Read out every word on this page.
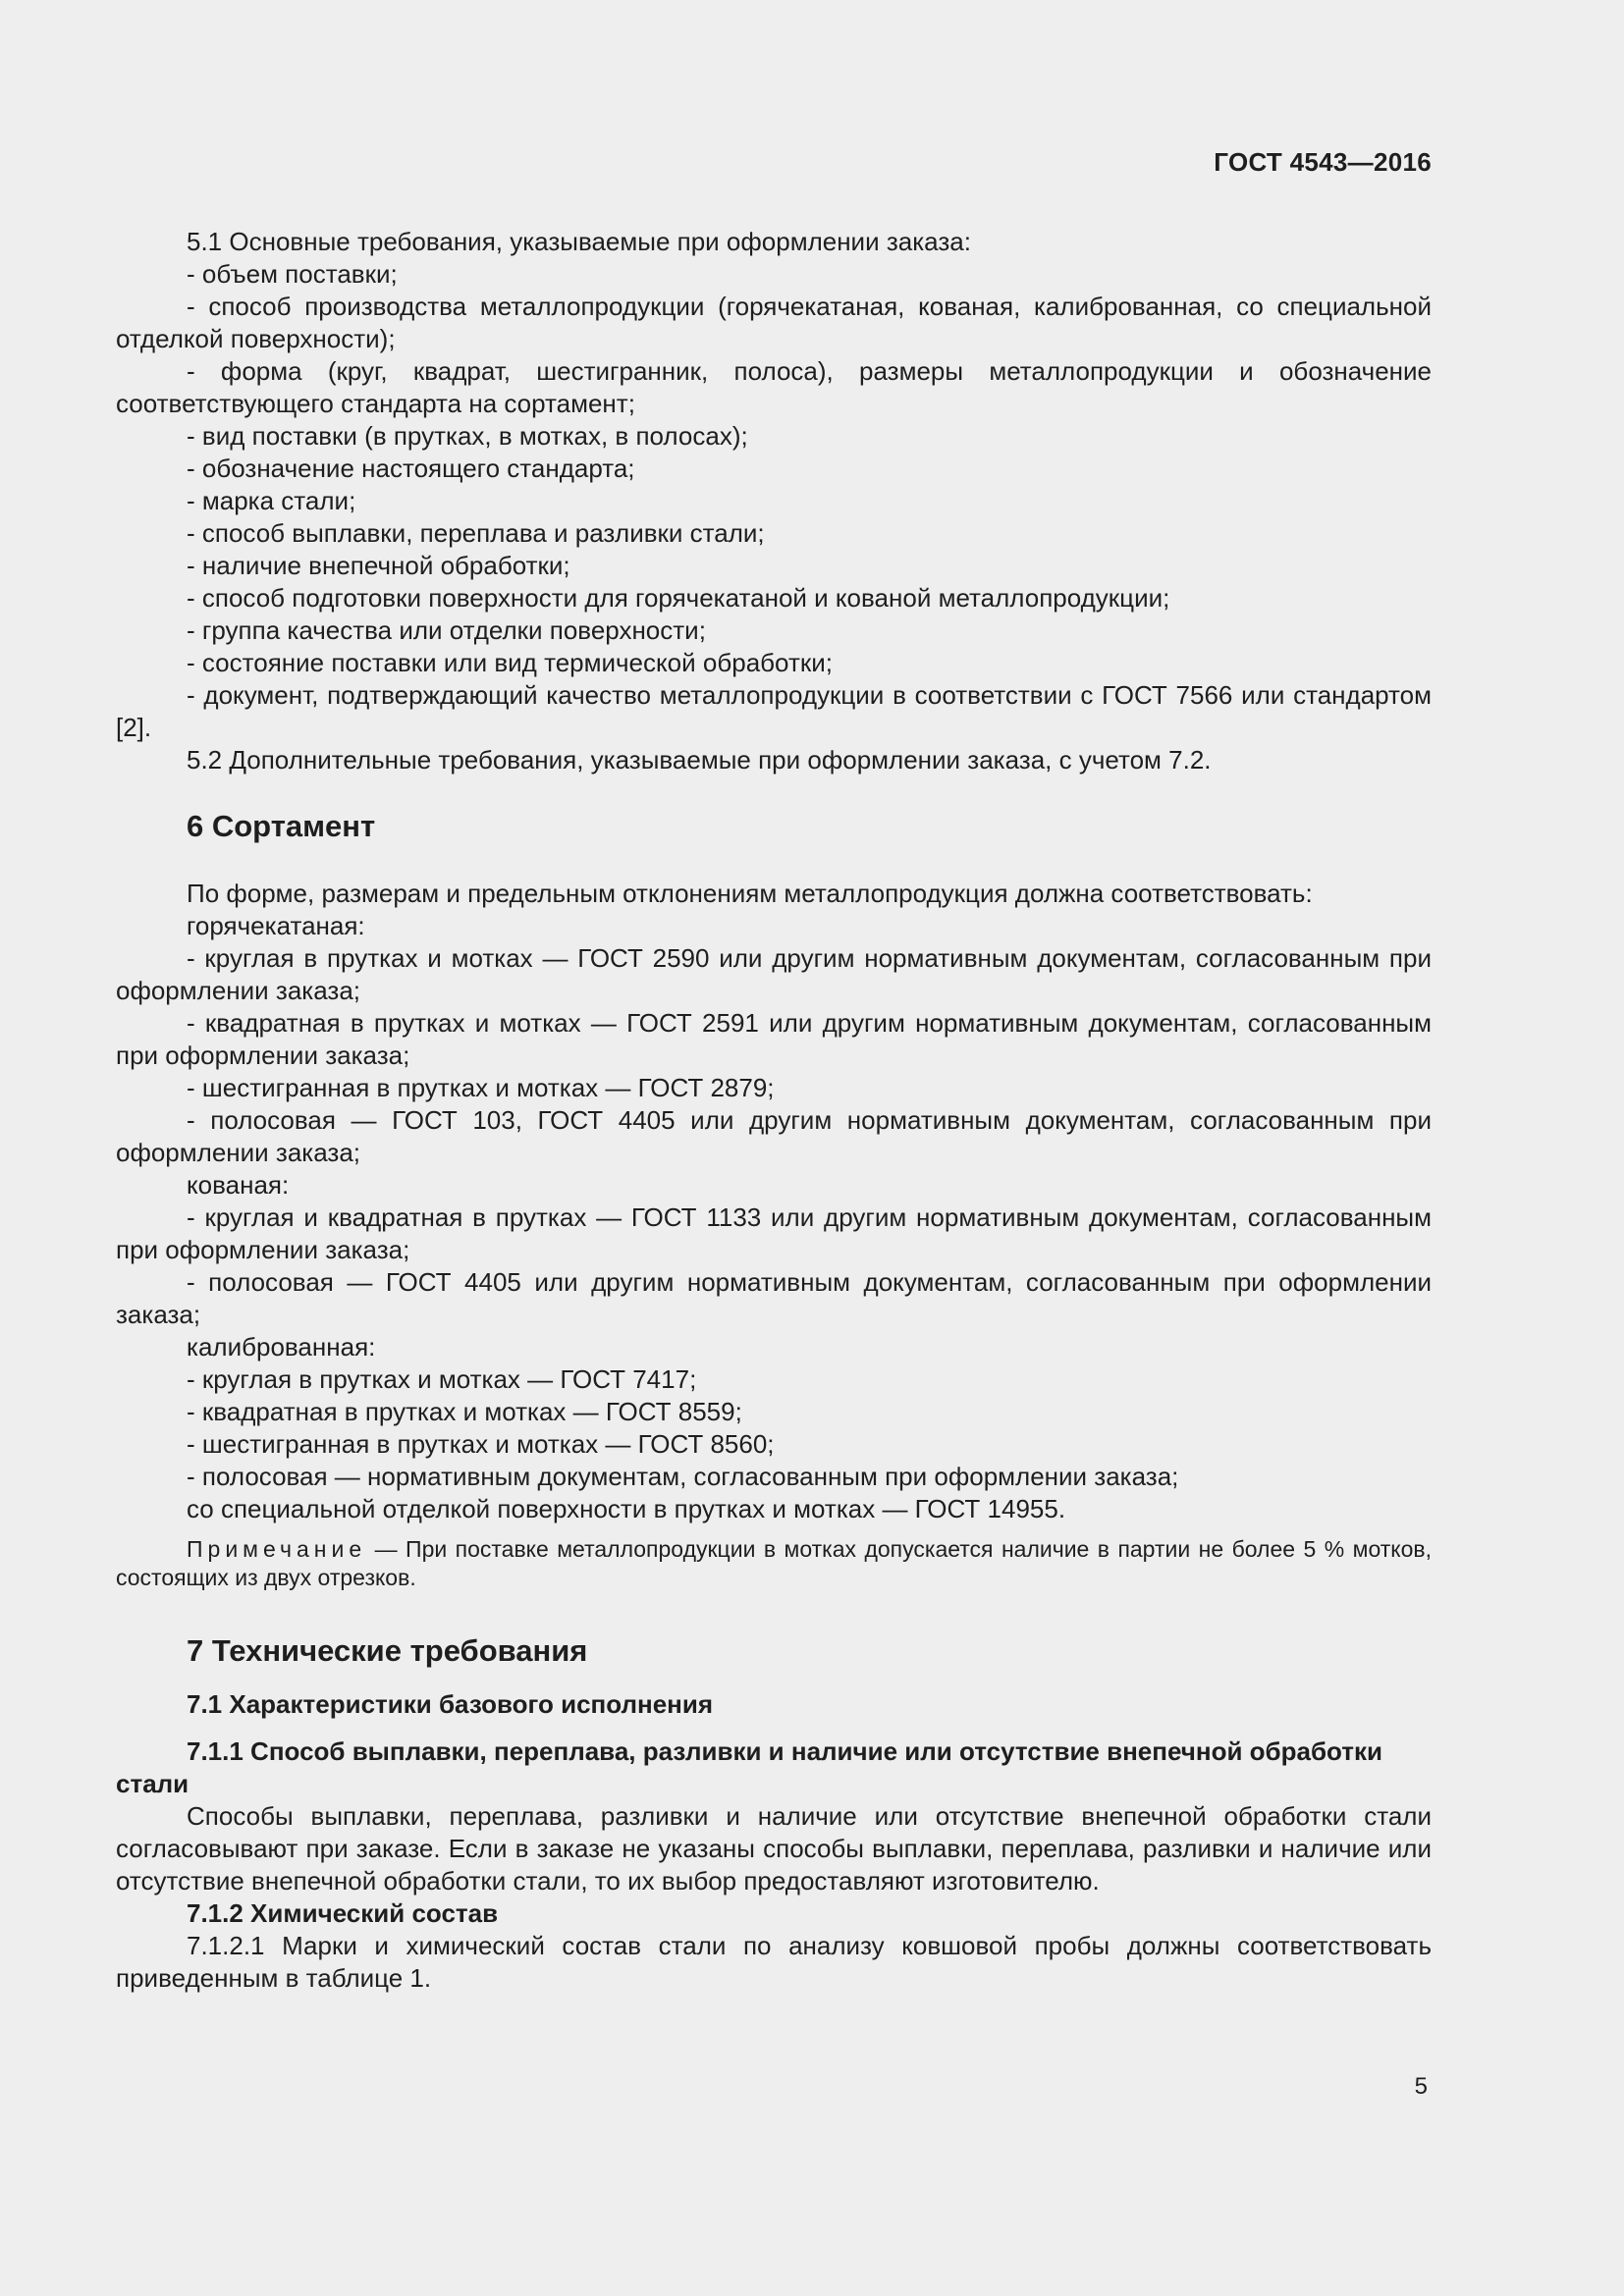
ГОСТ 4543—2016

5.1 Основные требования, указываемые при оформлении заказа:

- объем поставки;

- способ производства металлопродукции (горячекатаная, кованая, калиброванная, со специальной отделкой поверхности);

- форма (круг, квадрат, шестигранник, полоса), размеры металлопродукции и обозначение соответствующего стандарта на сортамент;

- вид поставки (в прутках, в мотках, в полосах);

- обозначение настоящего стандарта;

- марка стали;

- способ выплавки, переплава и разливки стали;

- наличие внепечной обработки;

- способ подготовки поверхности для горячекатаной и кованой металлопродукции;

- группа качества или отделки поверхности;

- состояние поставки или вид термической обработки;

- документ, подтверждающий качество металлопродукции в соответствии с ГОСТ 7566 или стандартом [2].

5.2 Дополнительные требования, указываемые при оформлении заказа, с учетом 7.2.

6 Сортамент

По форме, размерам и предельным отклонениям металлопродукция должна соответствовать:

горячекатаная:

- круглая в прутках и мотках — ГОСТ 2590 или другим нормативным документам, согласованным при оформлении заказа;

- квадратная в прутках и мотках — ГОСТ 2591 или другим нормативным документам, согласованным при оформлении заказа;

- шестигранная в прутках и мотках — ГОСТ 2879;

- полосовая — ГОСТ 103, ГОСТ 4405 или другим нормативным документам, согласованным при оформлении заказа;

кованая:

- круглая и квадратная в прутках — ГОСТ 1133 или другим нормативным документам, согласованным при оформлении заказа;

- полосовая — ГОСТ 4405 или другим нормативным документам, согласованным при оформлении заказа;

калиброванная:

- круглая в прутках и мотках — ГОСТ 7417;

- квадратная в прутках и мотках — ГОСТ 8559;

- шестигранная в прутках и мотках — ГОСТ 8560;

- полосовая — нормативным документам, согласованным при оформлении заказа;

со специальной отделкой поверхности в прутках и мотках — ГОСТ 14955.

Примечание — При поставке металлопродукции в мотках допускается наличие в партии не более 5 % мотков, состоящих из двух отрезков.

7 Технические требования
7.1 Характеристики базового исполнения
7.1.1 Способ выплавки, переплава, разливки и наличие или отсутствие внепечной обработки стали

Способы выплавки, переплава, разливки и наличие или отсутствие внепечной обработки стали согласовывают при заказе. Если в заказе не указаны способы выплавки, переплава, разливки и наличие или отсутствие внепечной обработки стали, то их выбор предоставляют изготовителю.

7.1.2 Химический состав

7.1.2.1 Марки и химический состав стали по анализу ковшовой пробы должны соответствовать приведенным в таблице 1.

5
